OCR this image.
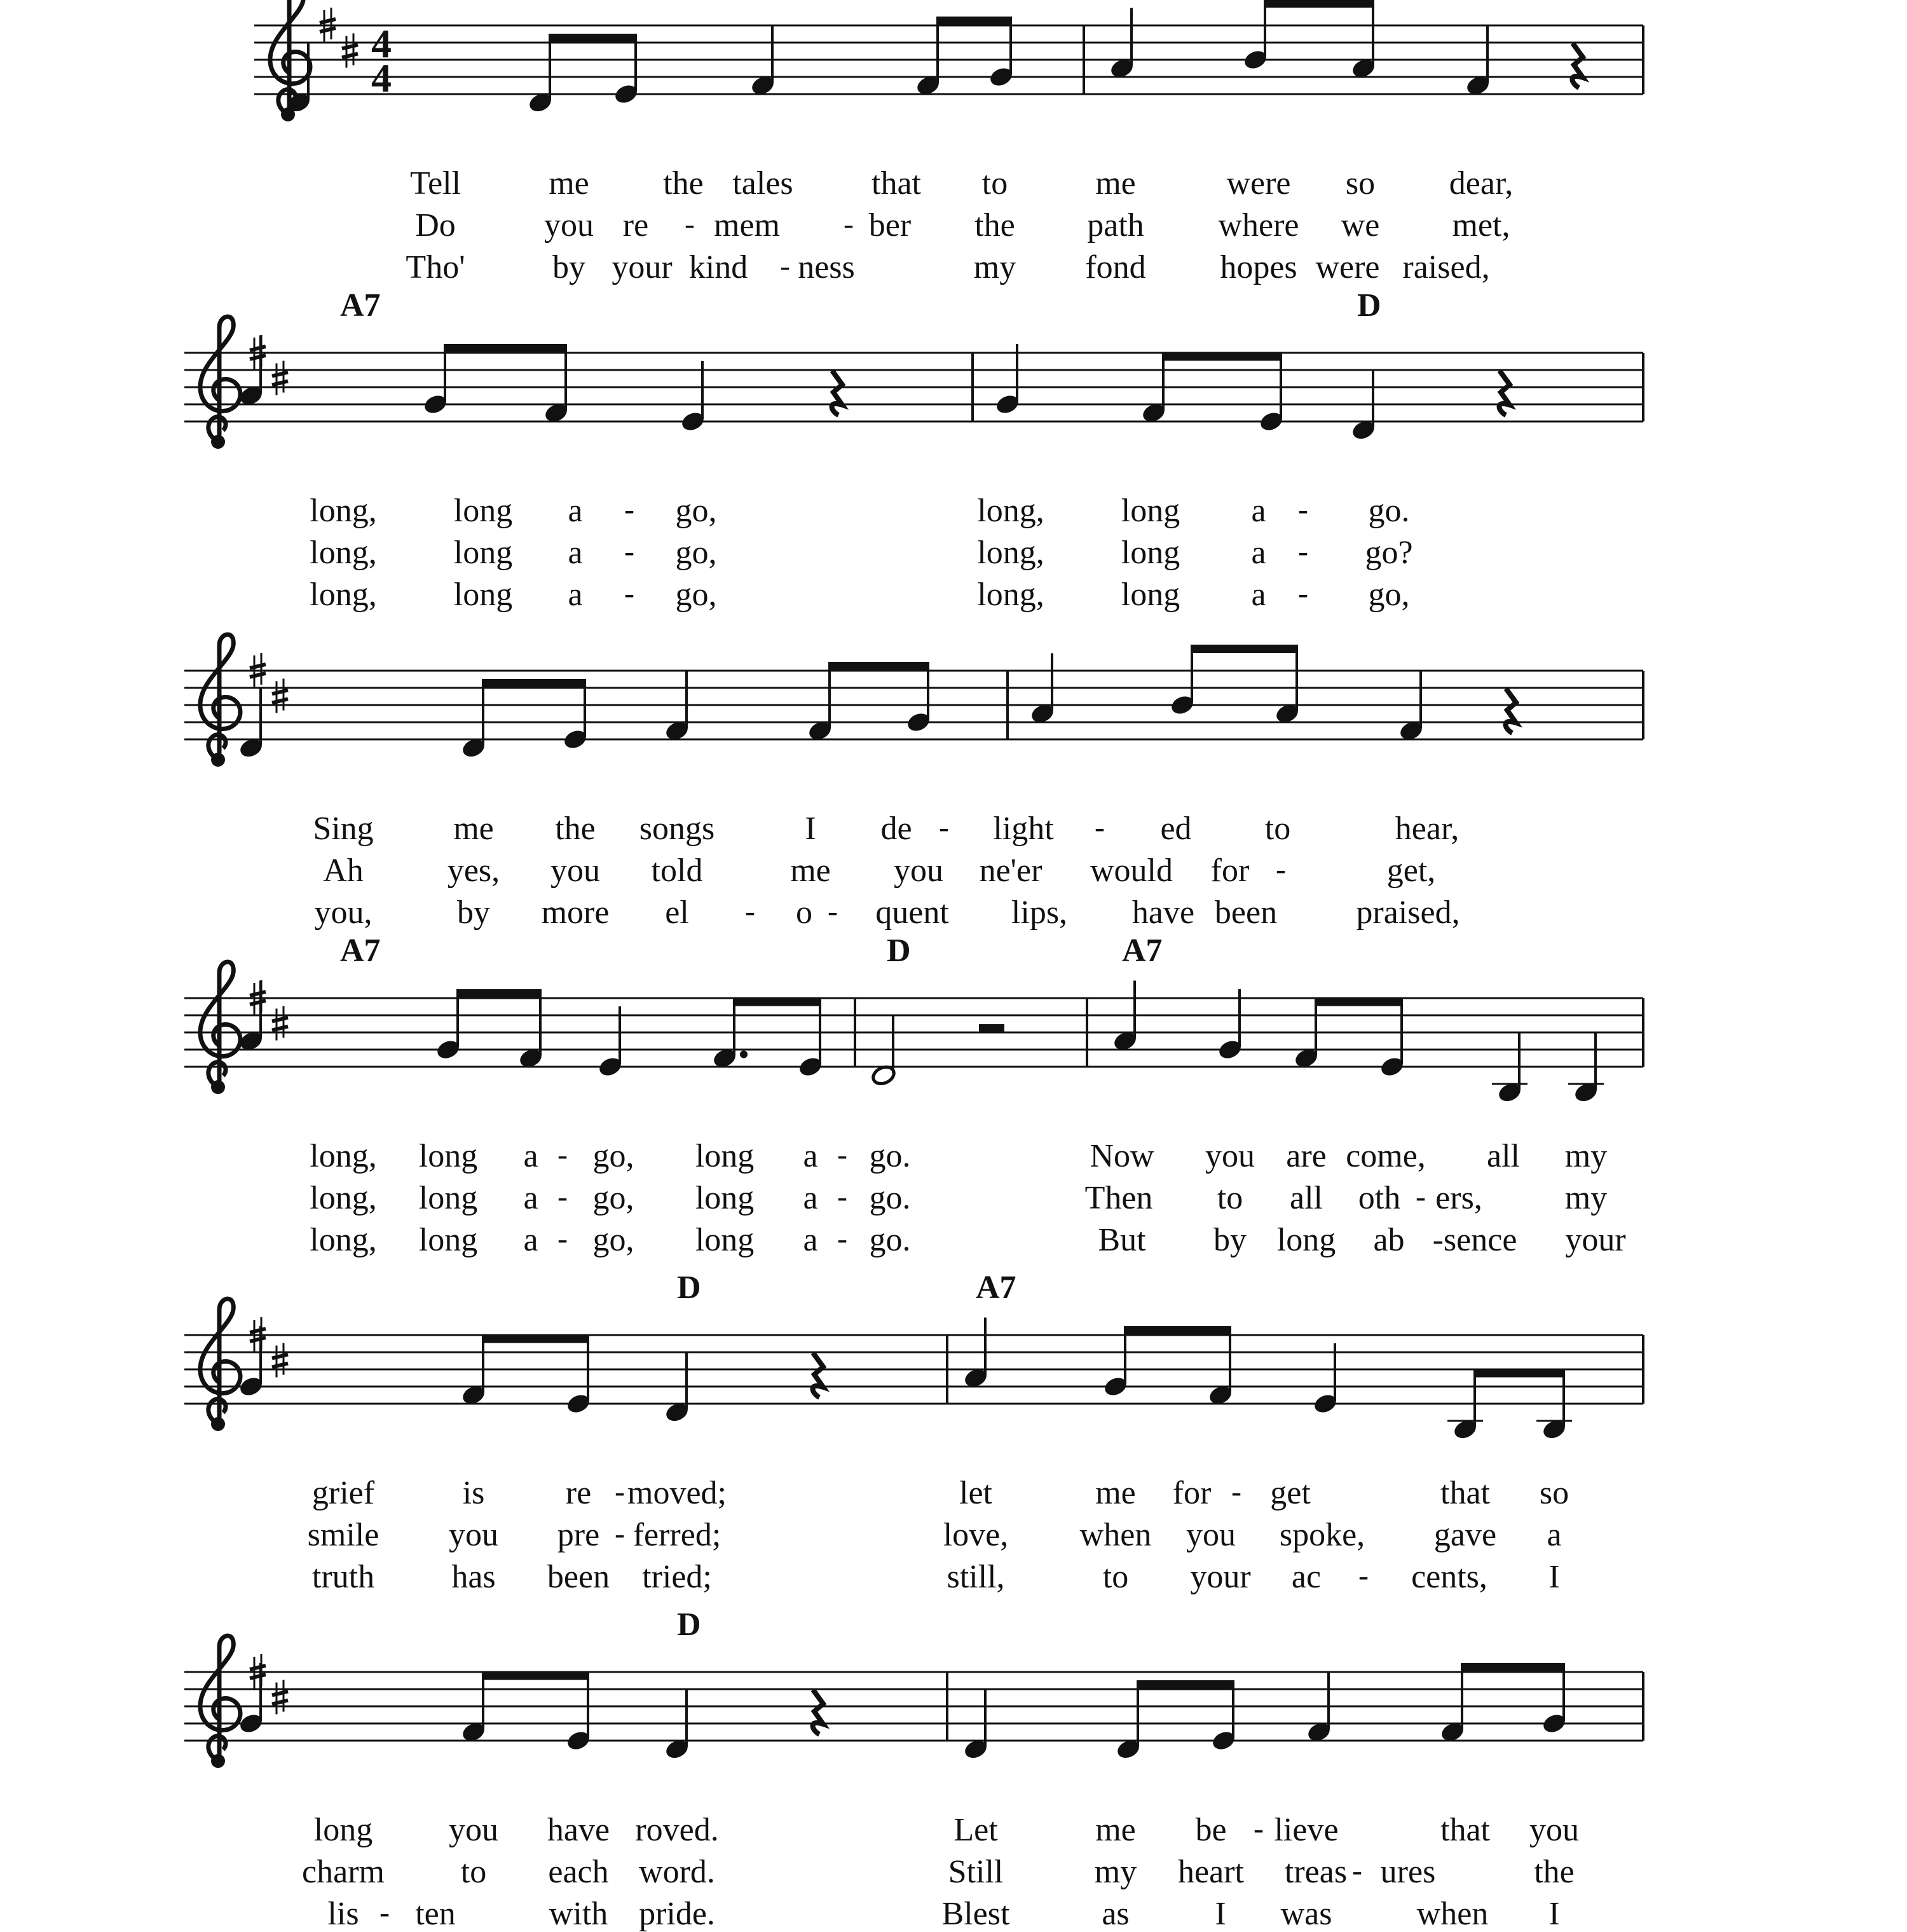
4
4
Tell	me the tales that to	me	were so dear,
Do	you re - mem - ber the path where we met,
Tho'	by your kind - ness	my fond hopes were raised,
A7	D
long, long a - go,	long, long a - go.
long, long a - go,	long, long a - go?
long, long a - go,	long, long a - go,
Sing me the songs	I de - light - ed to	hear,
Ah	yes, you told	me you ne'er would for -	get,
you,	by more el - o - quent lips, have been praised,
A7	D	A7
long, long a - go, long a - go.	Now you are come, all my
long, long a - go, long a - go.	Then to all oth - ers, my
long, long a - go, long a - go.	But by long ab -sence your
D	A7
grief	is re - moved;	let	me for - get	that so
smile you pre - ferred;	love, when you spoke, gave a
truth has been tried;	still,	to your ac - cents, I
D
long you have roved.	Let	me be - lieve	that you
charm to each word.	Still	my heart treas - ures	the
lis - ten	with pride.	Blest	as	I was	when I
